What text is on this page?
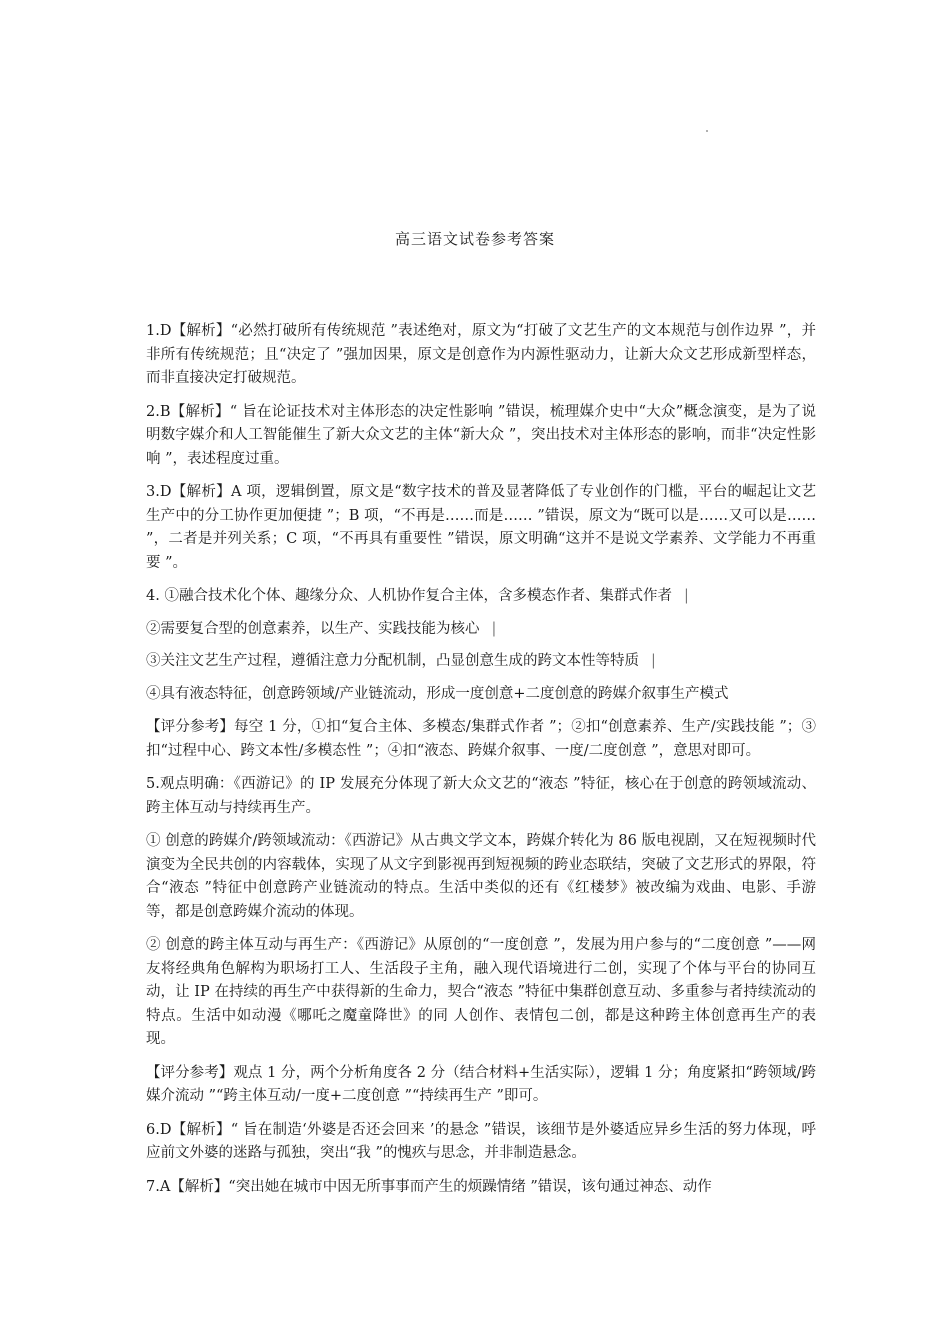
高三语文试卷参考答案

1.D【解析】“必然打破所有传统规范 ”表述绝对，原文为“打破了文艺生产的文本规范与创作边界 ”，并非所有传统规范；且“决定了 ”强加因果，原文是创意作为内源性驱动力，让新大众文艺形成新型样态，而非直接决定打破规范。

2.B【解析】“ 旨在论证技术对主体形态的决定性影响 ”错误，梳理媒介史中“大众”概念演变，是为了说明数字媒介和人工智能催生了新大众文艺的主体“新大众 ”，突出技术对主体形态的影响，而非“决定性影响 ”，表述程度过重。

3.D【解析】A 项，逻辑倒置，原文是“数字技术的普及显著降低了专业创作的门槛，平台的崛起让文艺生产中的分工协作更加便捷 ”；B 项，“不再是……而是…… ”错误，原文为“既可以是……又可以是…… ”，二者是并列关系；C 项，“不再具有重要性 ”错误，原文明确“这并不是说文学素养、文学能力不再重要 ”。

4. ①融合技术化个体、趣缘分众、人机协作复合主体，含多模态作者、集群式作者 |

②需要复合型的创意素养，以生产、实践技能为核心 |

③关注文艺生产过程，遵循注意力分配机制，凸显创意生成的跨文本性等特质 |

④具有液态特征，创意跨领域/产业链流动，形成一度创意+二度创意的跨媒介叙事生产模式

【评分参考】每空 1 分，①扣“复合主体、多模态/集群式作者 ”；②扣“创意素养、生产/实践技能 ”；③扣“过程中心、跨文本性/多模态性 ”；④扣“液态、跨媒介叙事、一度/二度创意 ”，意思对即可。

5.观点明确：《西游记》的 IP 发展充分体现了新大众文艺的“液态 ”特征，核心在于创意的跨领域流动、跨主体互动与持续再生产。

① 创意的跨媒介/跨领域流动：《西游记》从古典文学文本，跨媒介转化为 86 版电视剧，又在短视频时代演变为全民共创的内容载体，实现了从文字到影视再到短视频的跨业态联结，突破了文艺形式的界限，符合“液态 ”特征中创意跨产业链流动的特点。生活中类似的还有《红楼梦》被改编为戏曲、电影、手游等，都是创意跨媒介流动的体现。

② 创意的跨主体互动与再生产：《西游记》从原创的“一度创意 ”，发展为用户参与的“二度创意 ”——网友将经典角色解构为职场打工人、生活段子主角，融入现代语境进行二创，实现了个体与平台的协同互动，让 IP 在持续的再生产中获得新的生命力，契合“液态 ”特征中集群创意互动、多重参与者持续流动的特点。生活中如动漫《哪吒之魔童降世》的同 人创作、表情包二创，都是这种跨主体创意再生产的表现。

【评分参考】观点 1 分，两个分析角度各 2 分（结合材料+生活实际），逻辑 1 分；角度紧扣“跨领域/跨媒介流动 ”“跨主体互动/一度+二度创意 ”“持续再生产 ”即可。

6.D【解析】“ 旨在制造‘外婆是否还会回来 ’的悬念 ”错误，该细节是外婆适应异乡生活的努力体现，呼应前文外婆的迷路与孤独，突出“我 ”的愧疚与思念，并非制造悬念。

7.A【解析】“突出她在城市中因无所事事而产生的烦躁情绪 ”错误，该句通过神态、动作
